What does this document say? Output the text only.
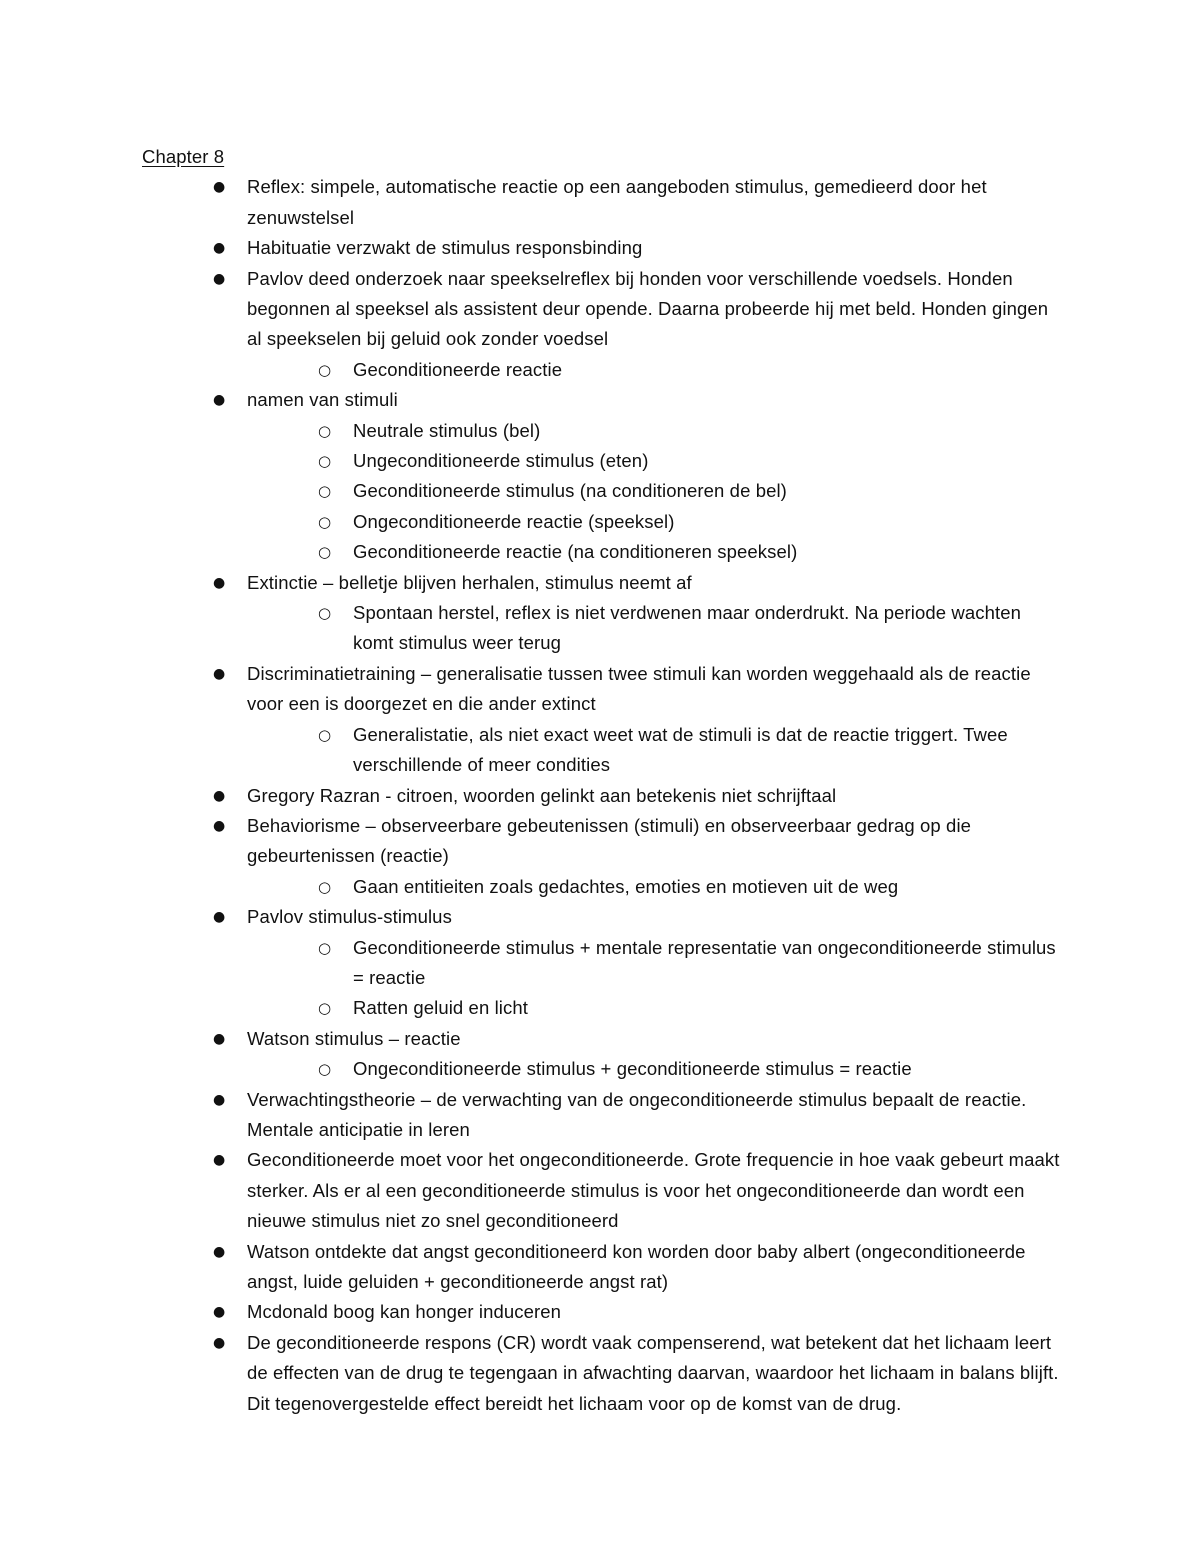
Chapter 8
● Reflex: simpele, automatische reactie op een aangeboden stimulus, gemedieerd door het zenuwstelsel
● Habituatie verzwakt de stimulus responsbinding
● Pavlov deed onderzoek naar speekselreflex bij honden voor verschillende voedsels. Honden begonnen al speeksel als assistent deur opende. Daarna probeerde hij met beld. Honden gingen al speekselen bij geluid ook zonder voedsel
○ Geconditioneerde reactie
● namen van stimuli
○ Neutrale stimulus (bel)
○ Ungeconditioneerde stimulus (eten)
○ Geconditioneerde stimulus (na conditioneren de bel)
○ Ongeconditioneerde reactie (speeksel)
○ Geconditioneerde reactie (na conditioneren speeksel)
● Extinctie – belletje blijven herhalen, stimulus neemt af
○ Spontaan herstel, reflex is niet verdwenen maar onderdrukt. Na periode wachten komt stimulus weer terug
● Discriminatietraining – generalisatie tussen twee stimuli kan worden weggehaald als de reactie voor een is doorgezet en die ander extinct
○ Generalistatie, als niet exact weet wat de stimuli is dat de reactie triggert. Twee verschillende of meer condities
● Gregory Razran - citroen, woorden gelinkt aan betekenis niet schrijftaal
● Behaviorisme – observeerbare gebeutenissen (stimuli) en observeerbaar gedrag op die gebeurtenissen (reactie)
○ Gaan entitieiten zoals gedachtes, emoties en motieven uit de weg
● Pavlov stimulus-stimulus
○ Geconditioneerde stimulus + mentale representatie van ongeconditioneerde stimulus = reactie
○ Ratten geluid en licht
● Watson stimulus – reactie
○ Ongeconditioneerde stimulus + geconditioneerde stimulus = reactie
● Verwachtingstheorie – de verwachting van de ongeconditioneerde stimulus bepaalt de reactie. Mentale anticipatie in leren
● Geconditioneerde moet voor het ongeconditioneerde. Grote frequencie in hoe vaak gebeurt maakt sterker. Als er al een geconditioneerde stimulus is voor het ongeconditioneerde dan wordt een nieuwe stimulus niet zo snel geconditioneerd
● Watson ontdekte dat angst geconditioneerd kon worden door baby albert (ongeconditioneerde angst, luide geluiden + geconditioneerde angst rat)
● Mcdonald boog kan honger induceren
● De geconditioneerde respons (CR) wordt vaak compenserend, wat betekent dat het lichaam leert de effecten van de drug te tegengaan in afwachting daarvan, waardoor het lichaam in balans blijft. Dit tegenovergestelde effect bereidt het lichaam voor op de komst van de drug.
